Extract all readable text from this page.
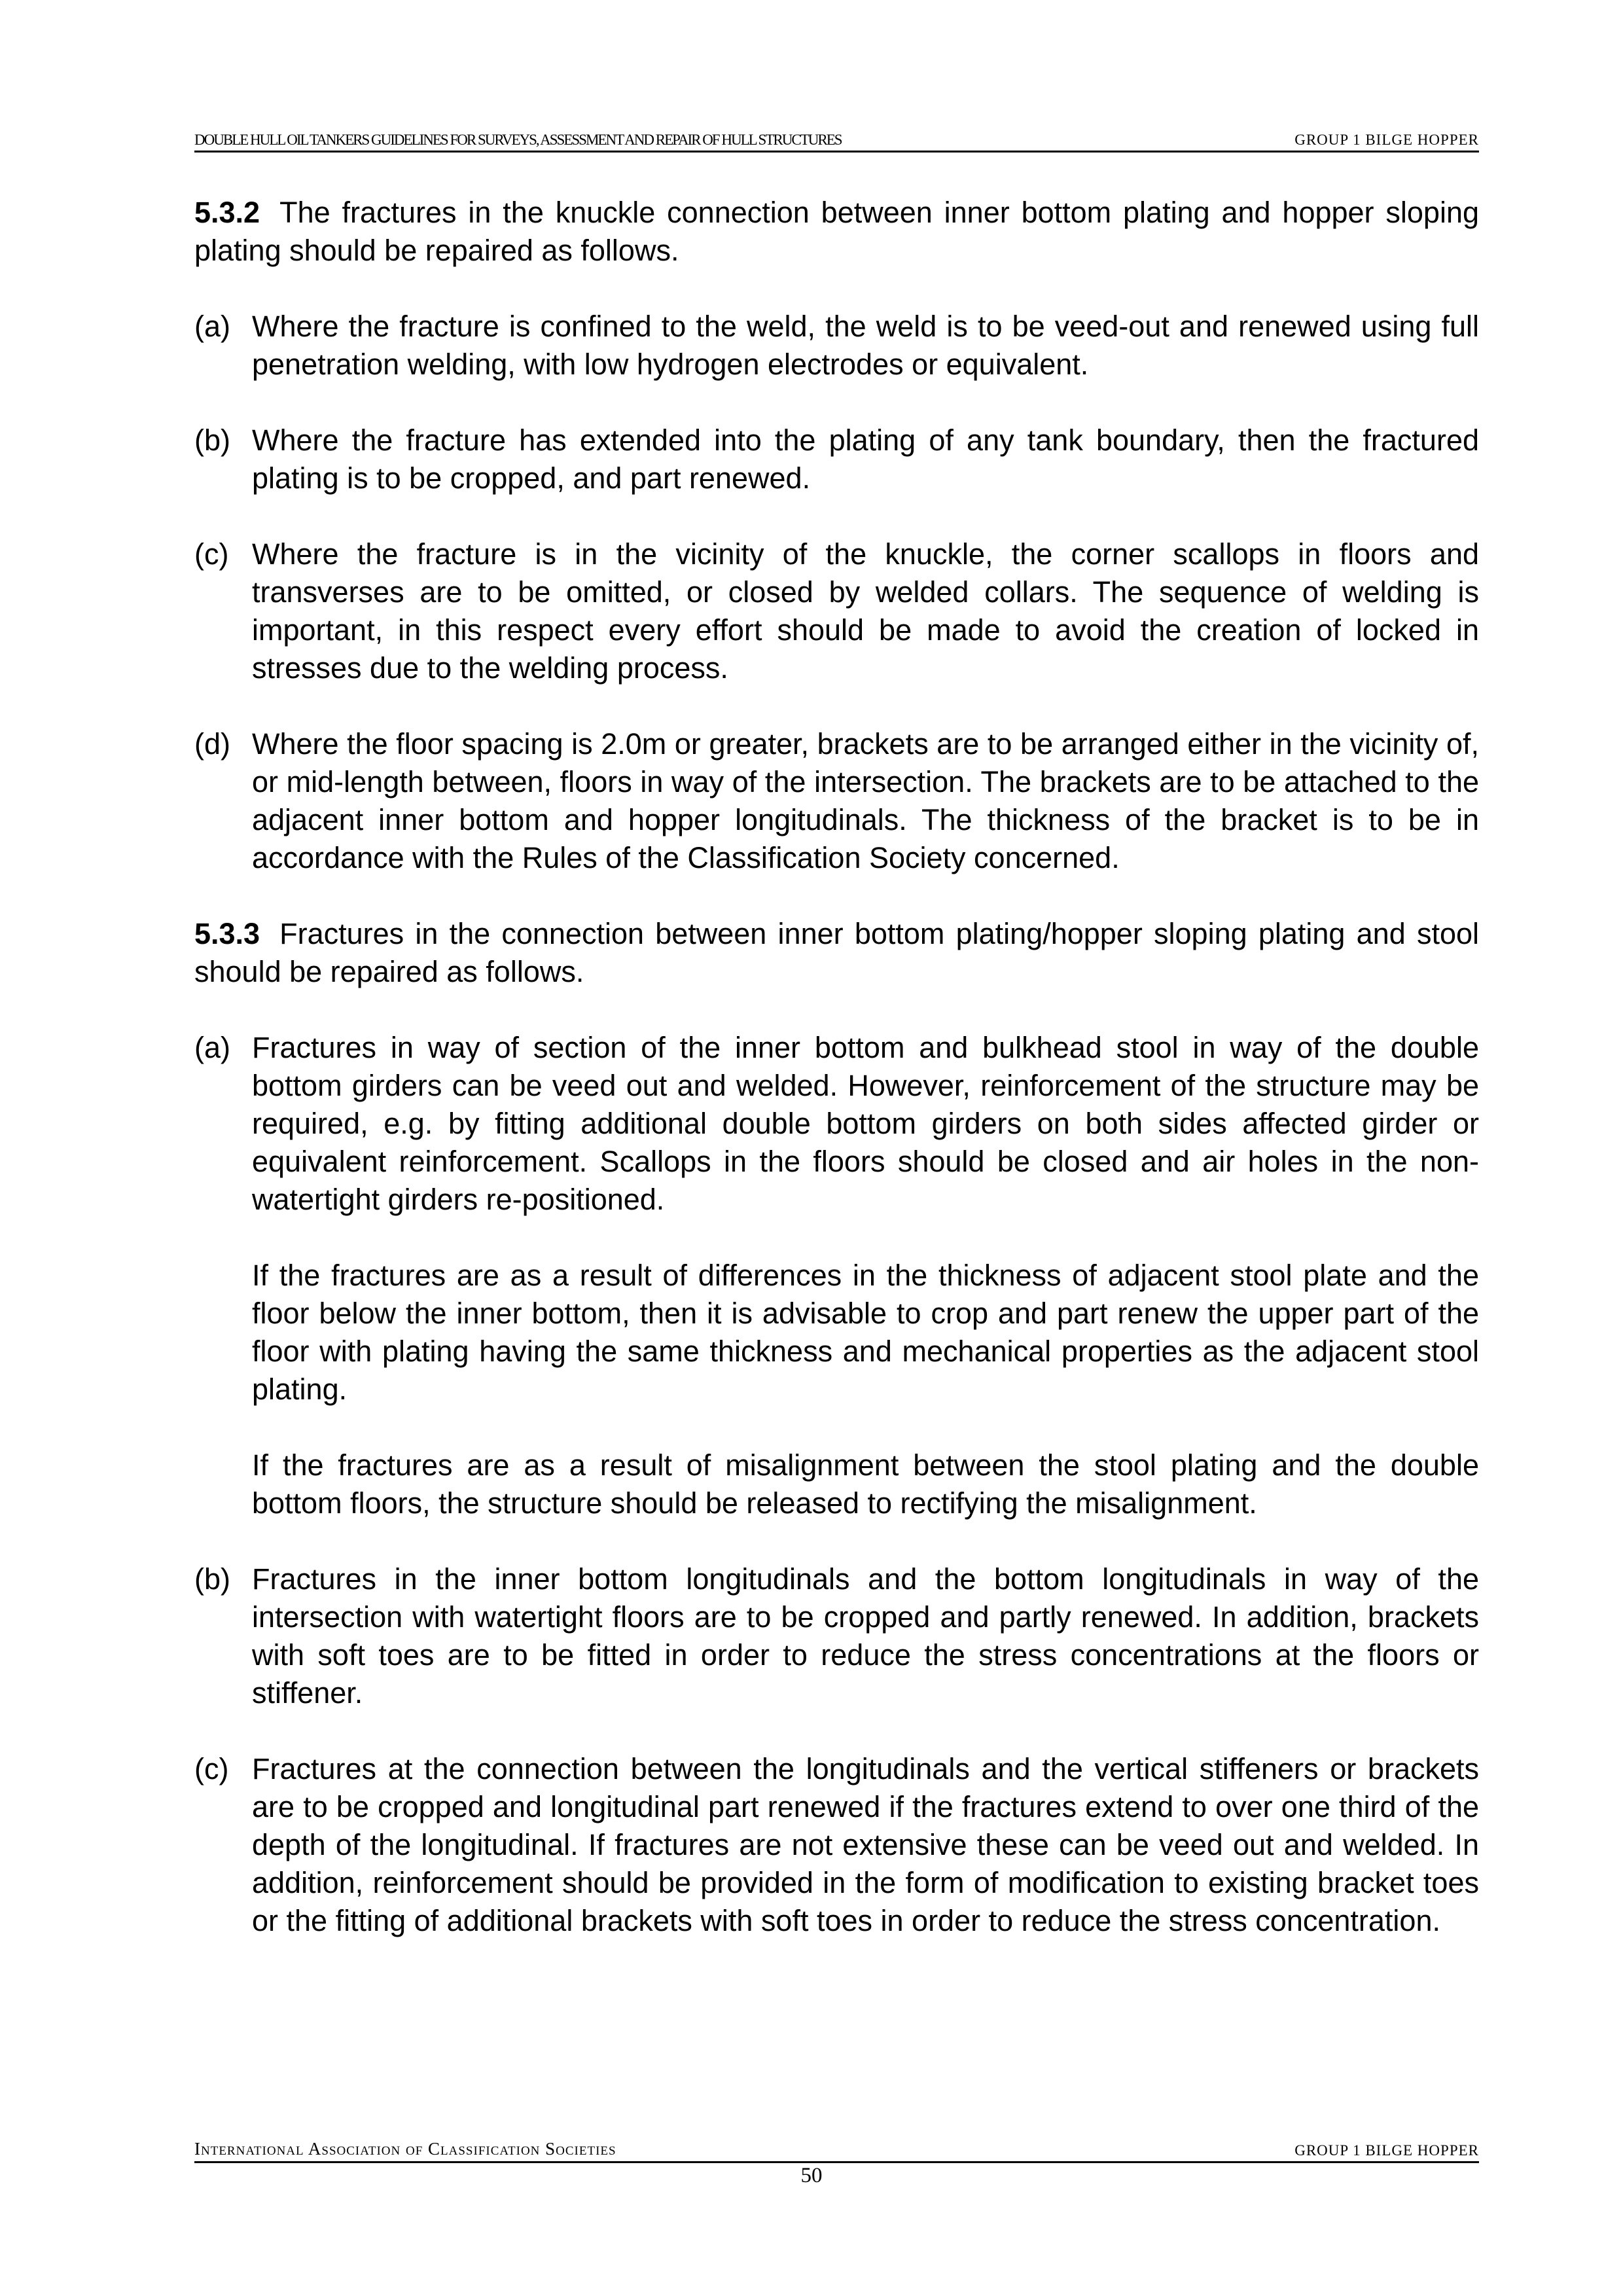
DOUBLE HULL OIL TANKERS GUIDELINES FOR SURVEYS, ASSESSMENT AND REPAIR OF HULL STRUCTURES	GROUP 1 BILGE HOPPER

5.3.2 The fractures in the knuckle connection between inner bottom plating and hopper sloping plating should be repaired as follows.

(a) Where the fracture is confined to the weld, the weld is to be veed-out and renewed using full penetration welding, with low hydrogen electrodes or equivalent.
(b) Where the fracture has extended into the plating of any tank boundary, then the fractured plating is to be cropped, and part renewed.
(c) Where the fracture is in the vicinity of the knuckle, the corner scallops in floors and transverses are to be omitted, or closed by welded collars. The sequence of welding is important, in this respect every effort should be made to avoid the creation of locked in stresses due to the welding process.
(d) Where the floor spacing is 2.0m or greater, brackets are to be arranged either in the vicinity of, or mid-length between, floors in way of the intersection. The brackets are to be attached to the adjacent inner bottom and hopper longitudinals. The thickness of the bracket is to be in accordance with the Rules of the Classification Society concerned.

5.3.3 Fractures in the connection between inner bottom plating/hopper sloping plating and stool should be repaired as follows.

(a) Fractures in way of section of the inner bottom and bulkhead stool in way of the double bottom girders can be veed out and welded. However, reinforcement of the structure may be required, e.g. by fitting additional double bottom girders on both sides affected girder or equivalent reinforcement. Scallops in the floors should be closed and air holes in the non-watertight girders re-positioned.

If the fractures are as a result of differences in the thickness of adjacent stool plate and the floor below the inner bottom, then it is advisable to crop and part renew the upper part of the floor with plating having the same thickness and mechanical properties as the adjacent stool plating.

If the fractures are as a result of misalignment between the stool plating and the double bottom floors, the structure should be released to rectifying the misalignment.

(b) Fractures in the inner bottom longitudinals and the bottom longitudinals in way of the intersection with watertight floors are to be cropped and partly renewed. In addition, brackets with soft toes are to be fitted in order to reduce the stress concentrations at the floors or stiffener.
(c) Fractures at the connection between the longitudinals and the vertical stiffeners or brackets are to be cropped and longitudinal part renewed if the fractures extend to over one third of the depth of the longitudinal. If fractures are not extensive these can be veed out and welded. In addition, reinforcement should be provided in the form of modification to existing bracket toes or the fitting of additional brackets with soft toes in order to reduce the stress concentration.
International Association of Classification Societies	GROUP 1 BILGE HOPPER
50
